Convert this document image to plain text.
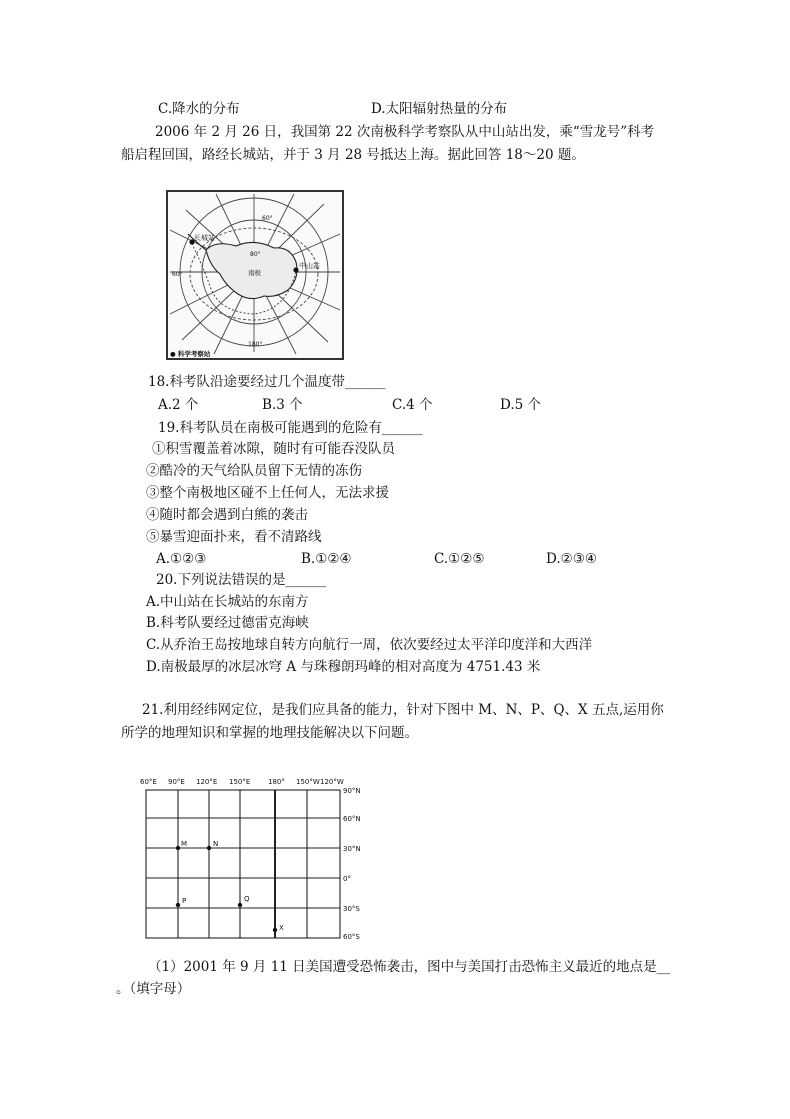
C.降水的分布	D.太阳辐射热量的分布
2006 年 2 月 26 日，我国第 22 次南极科学考察队从中山站出发，乘“雪龙号”科考
船启程回国，路经长城站，并于 3 月 28 号抵达上海。据此回答 18～20 题。
长城站
中山站
南极
60°
80°
60°
180°
● 科学考察站
18.科考队沿途要经过几个温度带______
A.2 个	B.3 个	C.4 个	D.5 个
19.科考队员在南极可能遇到的危险有______
①积雪覆盖着冰隙，随时有可能吞没队员
②酷冷的天气给队员留下无情的冻伤
③整个南极地区碰不上任何人，无法求援
④随时都会遇到白熊的袭击
⑤暴雪迎面扑来，看不清路线
A.①②③	B.①②④	C.①②⑤	D.②③④
20.下列说法错误的是______
A.中山站在长城站的东南方
B.科考队要经过德雷克海峡
C.从乔治王岛按地球自转方向航行一周，依次要经过太平洋印度洋和大西洋
D.南极最厚的冰层冰穹 A 与珠穆朗玛峰的相对高度为 4751.43 米
21.利用经纬网定位，是我们应具备的能力，针对下图中 M、N、P、Q、X 五点,运用你
所学的地理知识和掌握的地理技能解决以下问题。
60°E 90°E 120°E 150°E	180° 150°W 120°W
90°N
60°N
30°N
0°
30°S
60°S
M	N
P	Q
X
（1）2001 年 9 月 11 日美国遭受恐怖袭击，图中与美国打击恐怖主义最近的地点是__
。（填字母）
